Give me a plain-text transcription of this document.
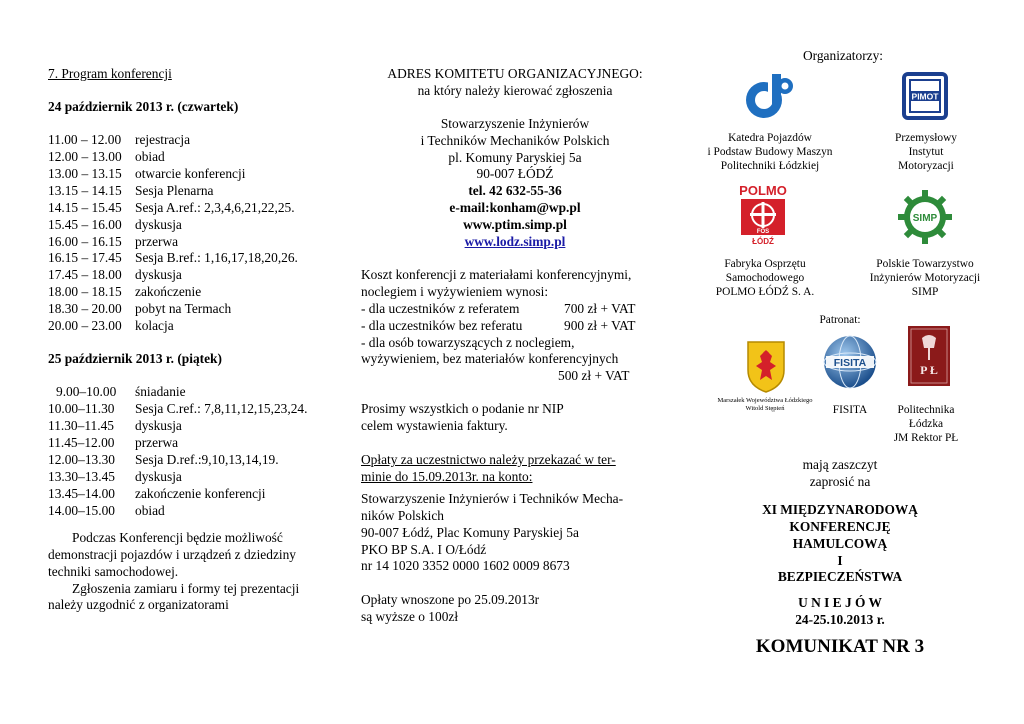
7. Program konferencji
24 październik 2013 r. (czwartek)
11.00 – 12.00 rejestracja
12.00 – 13.00 obiad
13.00 – 13.15 otwarcie konferencji
13.15 – 14.15 Sesja Plenarna
14.15 – 15.45 Sesja A.ref.: 2,3,4,6,21,22,25.
15.45 – 16.00 dyskusja
16.00 – 16.15 przerwa
16.15 – 17.45 Sesja B.ref.: 1,16,17,18,20,26.
17.45 – 18.00 dyskusja
18.00 – 18.15 zakończenie
18.30 – 20.00 pobyt na Termach
20.00 – 23.00 kolacja
25 październik 2013 r. (piątek)
9.00–10.00 śniadanie
10.00–11.30 Sesja C.ref.: 7,8,11,12,15,23,24.
11.30–11.45 dyskusja
11.45–12.00 przerwa
12.00–13.30 Sesja D.ref.:9,10,13,14,19.
13.30–13.45 dyskusja
13.45–14.00 zakończenie konferencji
14.00–15.00 obiad
Podczas Konferencji będzie możliwość
demonstracji pojazdów i urządzeń z dziedziny
techniki samochodowej.
Zgłoszenia zamiaru i formy tej prezentacji
należy uzgodnić z organizatorami
ADRES KOMITETU ORGANIZACYJNEGO:
na który należy kierować zgłoszenia
Stowarzyszenie Inżynierów
i Techników Mechaników Polskich
pl. Komuny Paryskiej 5a
90-007 ŁÓDŹ
tel. 42 632-55-36
e-mail:konham@wp.pl
www.ptim.simp.pl
www.lodz.simp.pl
Koszt konferencji z materiałami konferencyjnymi,
noclegiem i wyżywieniem wynosi:
- dla uczestników z referatem	700 zł + VAT
- dla uczestników bez referatu	900 zł + VAT
- dla osób towarzyszących z noclegiem,
wyżywieniem, bez materiałów konferencyjnych
500 zł + VAT
Prosimy wszystkich o podanie nr NIP
celem wystawienia faktury.
Opłaty za uczestnictwo należy przekazać w ter-
minie do 15.09.2013r. na konto:
Stowarzyszenie Inżynierów i Techników Mecha-
ników Polskich
90-007 Łódź, Plac Komuny Paryskiej 5a
PKO BP S.A. I O/Łódź
nr 14 1020 3352 0000 1602 0009 8673
Opłaty wnoszone po 25.09.2013r
są wyższe o 100zł
Organizatorzy:
PIMOT
Katedra Pojazdów
i Podstaw Budowy Maszyn
Politechniki Łódzkiej
Przemysłowy
Instytut
Motoryzacji
POLMO
FOS
ŁÓDŹ
SIMP
Fabryka Osprzętu
Samochodowego
POLMO ŁÓDŹ S. A.
Polskie Towarzystwo
Inżynierów Motoryzacji
SIMP
Patronat:
Marszałek Województwa Łódzkiego
Witold Stępień
FISITA	P Ł
FISITA	Politechnika
Łódzka
JM Rektor PŁ
mają zaszczyt
zaprosić na
XI MIĘDZYNARODOWĄ
KONFERENCJĘ
HAMULCOWĄ
I
BEZPIECZEŃSTWA
U N I E J Ó W
24-25.10.2013 r.
KOMUNIKAT NR 3
